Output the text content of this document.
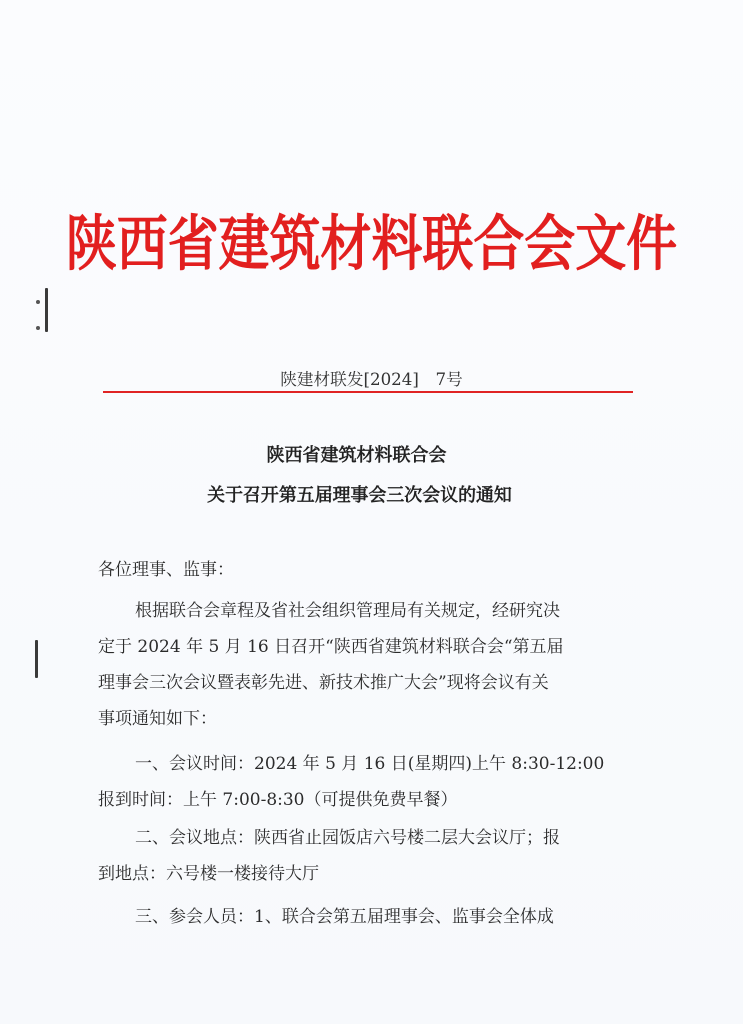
陕西省建筑材料联合会文件
陕建材联发[2024]　7号
陕西省建筑材料联合会
关于召开第五届理事会三次会议的通知
各位理事、监事：
根据联合会章程及省社会组织管理局有关规定，经研究决
定于 2024 年 5 月 16 日召开“陕西省建筑材料联合会“第五届
理事会三次会议暨表彰先进、新技术推广大会”现将会议有关
事项通知如下：
一、会议时间：2024 年 5 月 16 日(星期四)上午 8:30-12:00
报到时间：上午 7:00-8:30（可提供免费早餐）
二、会议地点：陕西省止园饭店六号楼二层大会议厅；报
到地点：六号楼一楼接待大厅
三、参会人员：1、联合会第五届理事会、监事会全体成
